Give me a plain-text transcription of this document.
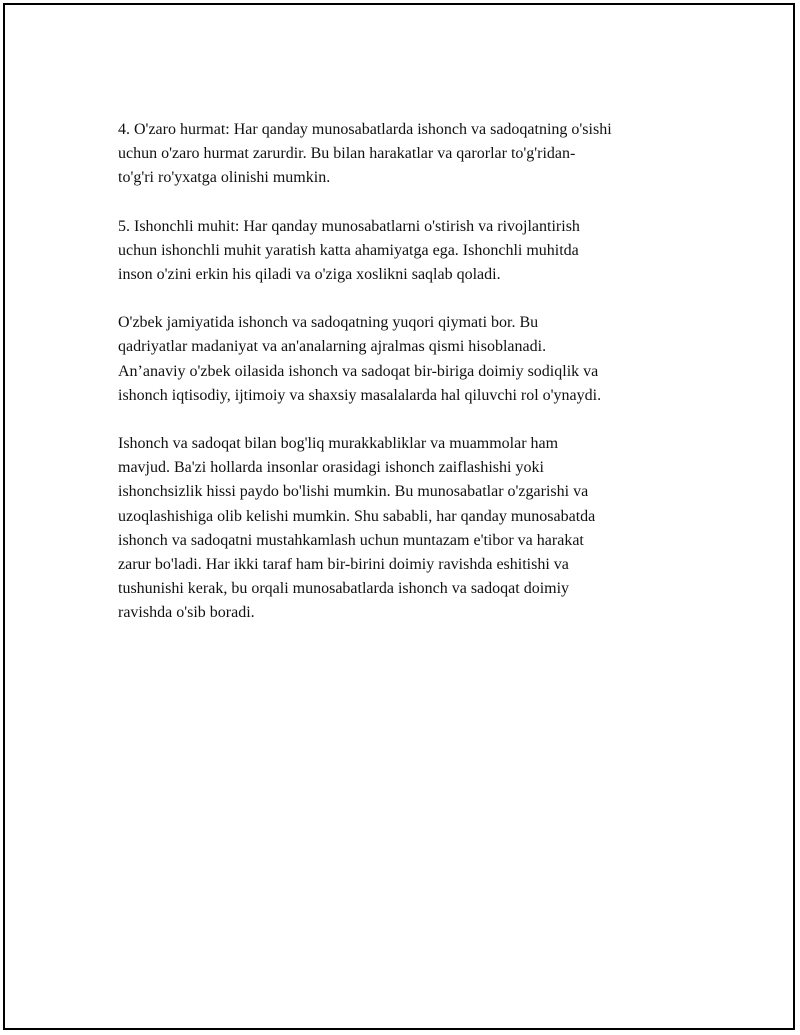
4. O'zaro hurmat: Har qanday munosabatlarda ishonch va sadoqatning o'sishi
uchun o'zaro hurmat zarurdir. Bu bilan harakatlar va qarorlar to'g'ridan-
to'g'ri ro'yxatga olinishi mumkin.

5. Ishonchli muhit: Har qanday munosabatlarni o'stirish va rivojlantirish
uchun ishonchli muhit yaratish katta ahamiyatga ega. Ishonchli muhitda
inson o'zini erkin his qiladi va o'ziga xoslikni saqlab qoladi.

O'zbek jamiyatida ishonch va sadoqatning yuqori qiymati bor. Bu
qadriyatlar madaniyat va an'analarning ajralmas qismi hisoblanadi.
An’anaviy o'zbek oilasida ishonch va sadoqat bir-biriga doimiy sodiqlik va
ishonch iqtisodiy, ijtimoiy va shaxsiy masalalarda hal qiluvchi rol o'ynaydi.

Ishonch va sadoqat bilan bog'liq murakkabliklar va muammolar ham
mavjud. Ba'zi hollarda insonlar orasidagi ishonch zaiflashishi yoki
ishonchsizlik hissi paydo bo'lishi mumkin. Bu munosabatlar o'zgarishi va
uzoqlashishiga olib kelishi mumkin. Shu sababli, har qanday munosabatda
ishonch va sadoqatni mustahkamlash uchun muntazam e'tibor va harakat
zarur bo'ladi. Har ikki taraf ham bir-birini doimiy ravishda eshitishi va
tushunishi kerak, bu orqali munosabatlarda ishonch va sadoqat doimiy
ravishda o'sib boradi.
